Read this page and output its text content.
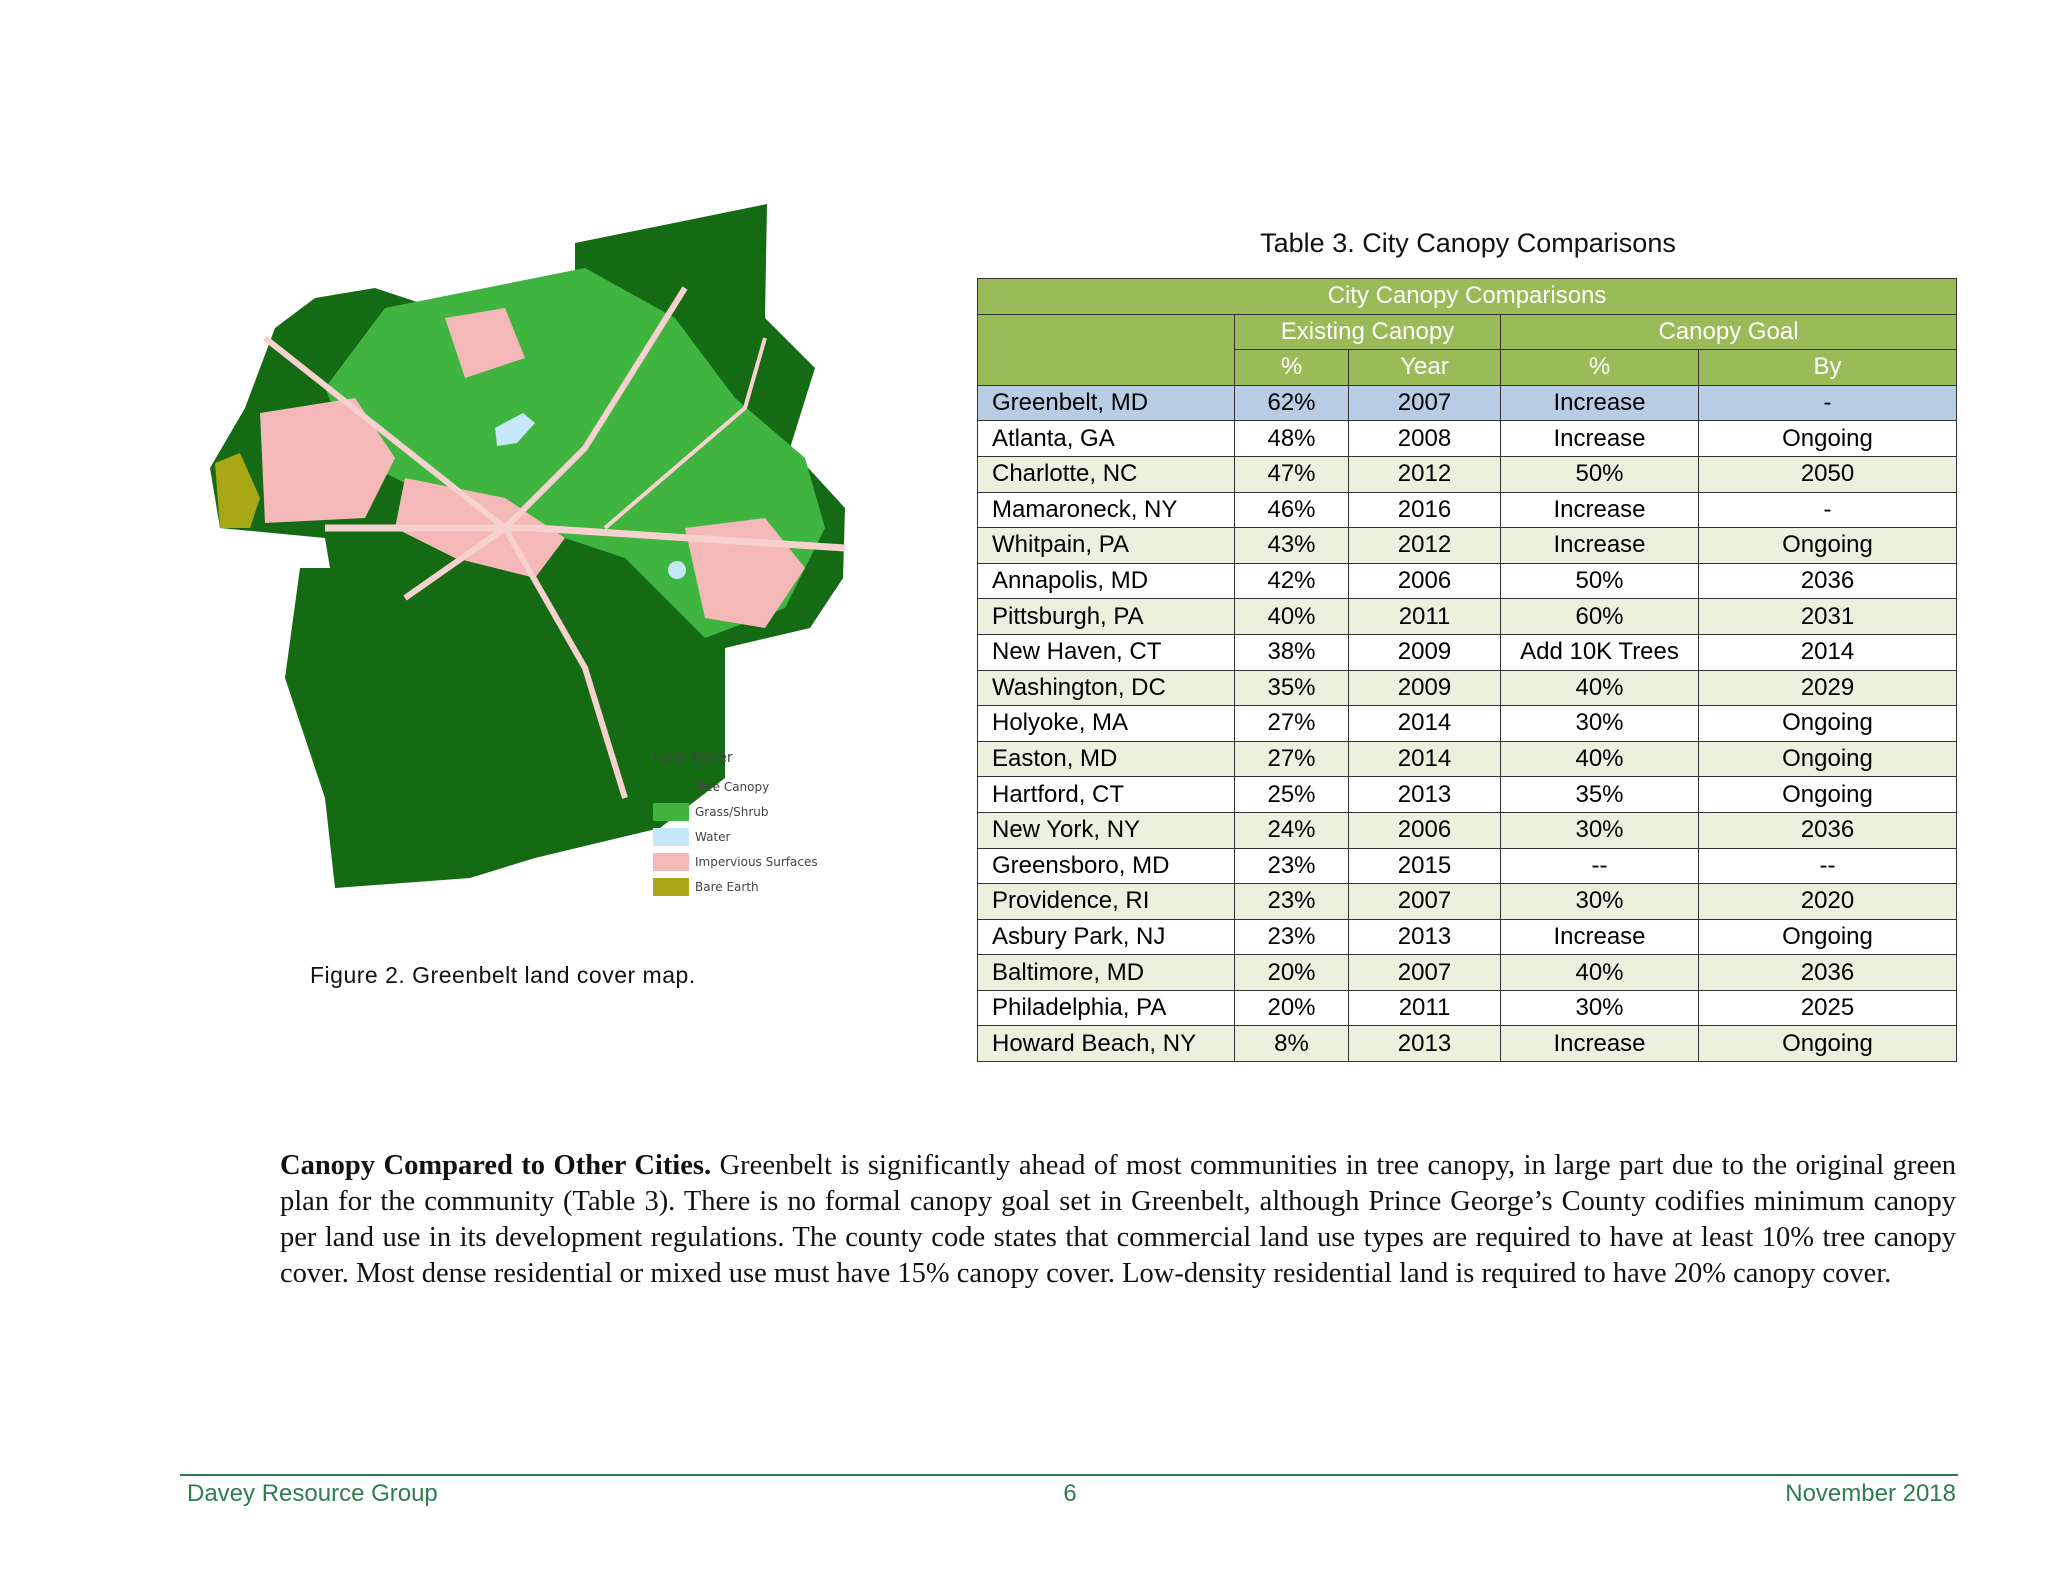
Land Cover
Tree Canopy
Grass/Shrub
Water
Impervious Surfaces
Bare Earth
Figure 2. Greenbelt land cover map.
Table 3. City Canopy Comparisons
City Canopy Comparisons				
	Existing Canopy		Canopy Goal	
	%	Year	%	By
Greenbelt, MD	62%	2007	Increase	-
Atlanta, GA	48%	2008	Increase	Ongoing
Charlotte, NC	47%	2012	50%	2050
Mamaroneck, NY	46%	2016	Increase	-
Whitpain, PA	43%	2012	Increase	Ongoing
Annapolis, MD	42%	2006	50%	2036
Pittsburgh, PA	40%	2011	60%	2031
New Haven, CT	38%	2009	Add 10K Trees	2014
Washington, DC	35%	2009	40%	2029
Holyoke, MA	27%	2014	30%	Ongoing
Easton, MD	27%	2014	40%	Ongoing
Hartford, CT	25%	2013	35%	Ongoing
New York, NY	24%	2006	30%	2036
Greensboro, MD	23%	2015	--	--
Providence, RI	23%	2007	30%	2020
Asbury Park, NJ	23%	2013	Increase	Ongoing
Baltimore, MD	20%	2007	40%	2036
Philadelphia, PA	20%	2011	30%	2025
Howard Beach, NY	8%	2013	Increase	Ongoing
Canopy Compared to Other Cities. Greenbelt is significantly ahead of most communities in tree canopy, in large part due to the original green plan for the community (Table 3). There is no formal canopy goal set in Greenbelt, although Prince George’s County codifies minimum canopy per land use in its development regulations. The county code states that commercial land use types are required to have at least 10% tree canopy cover. Most dense residential or mixed use must have 15% canopy cover. Low-density residential land is required to have 20% canopy cover.
Davey Resource Group	6	November 2018
